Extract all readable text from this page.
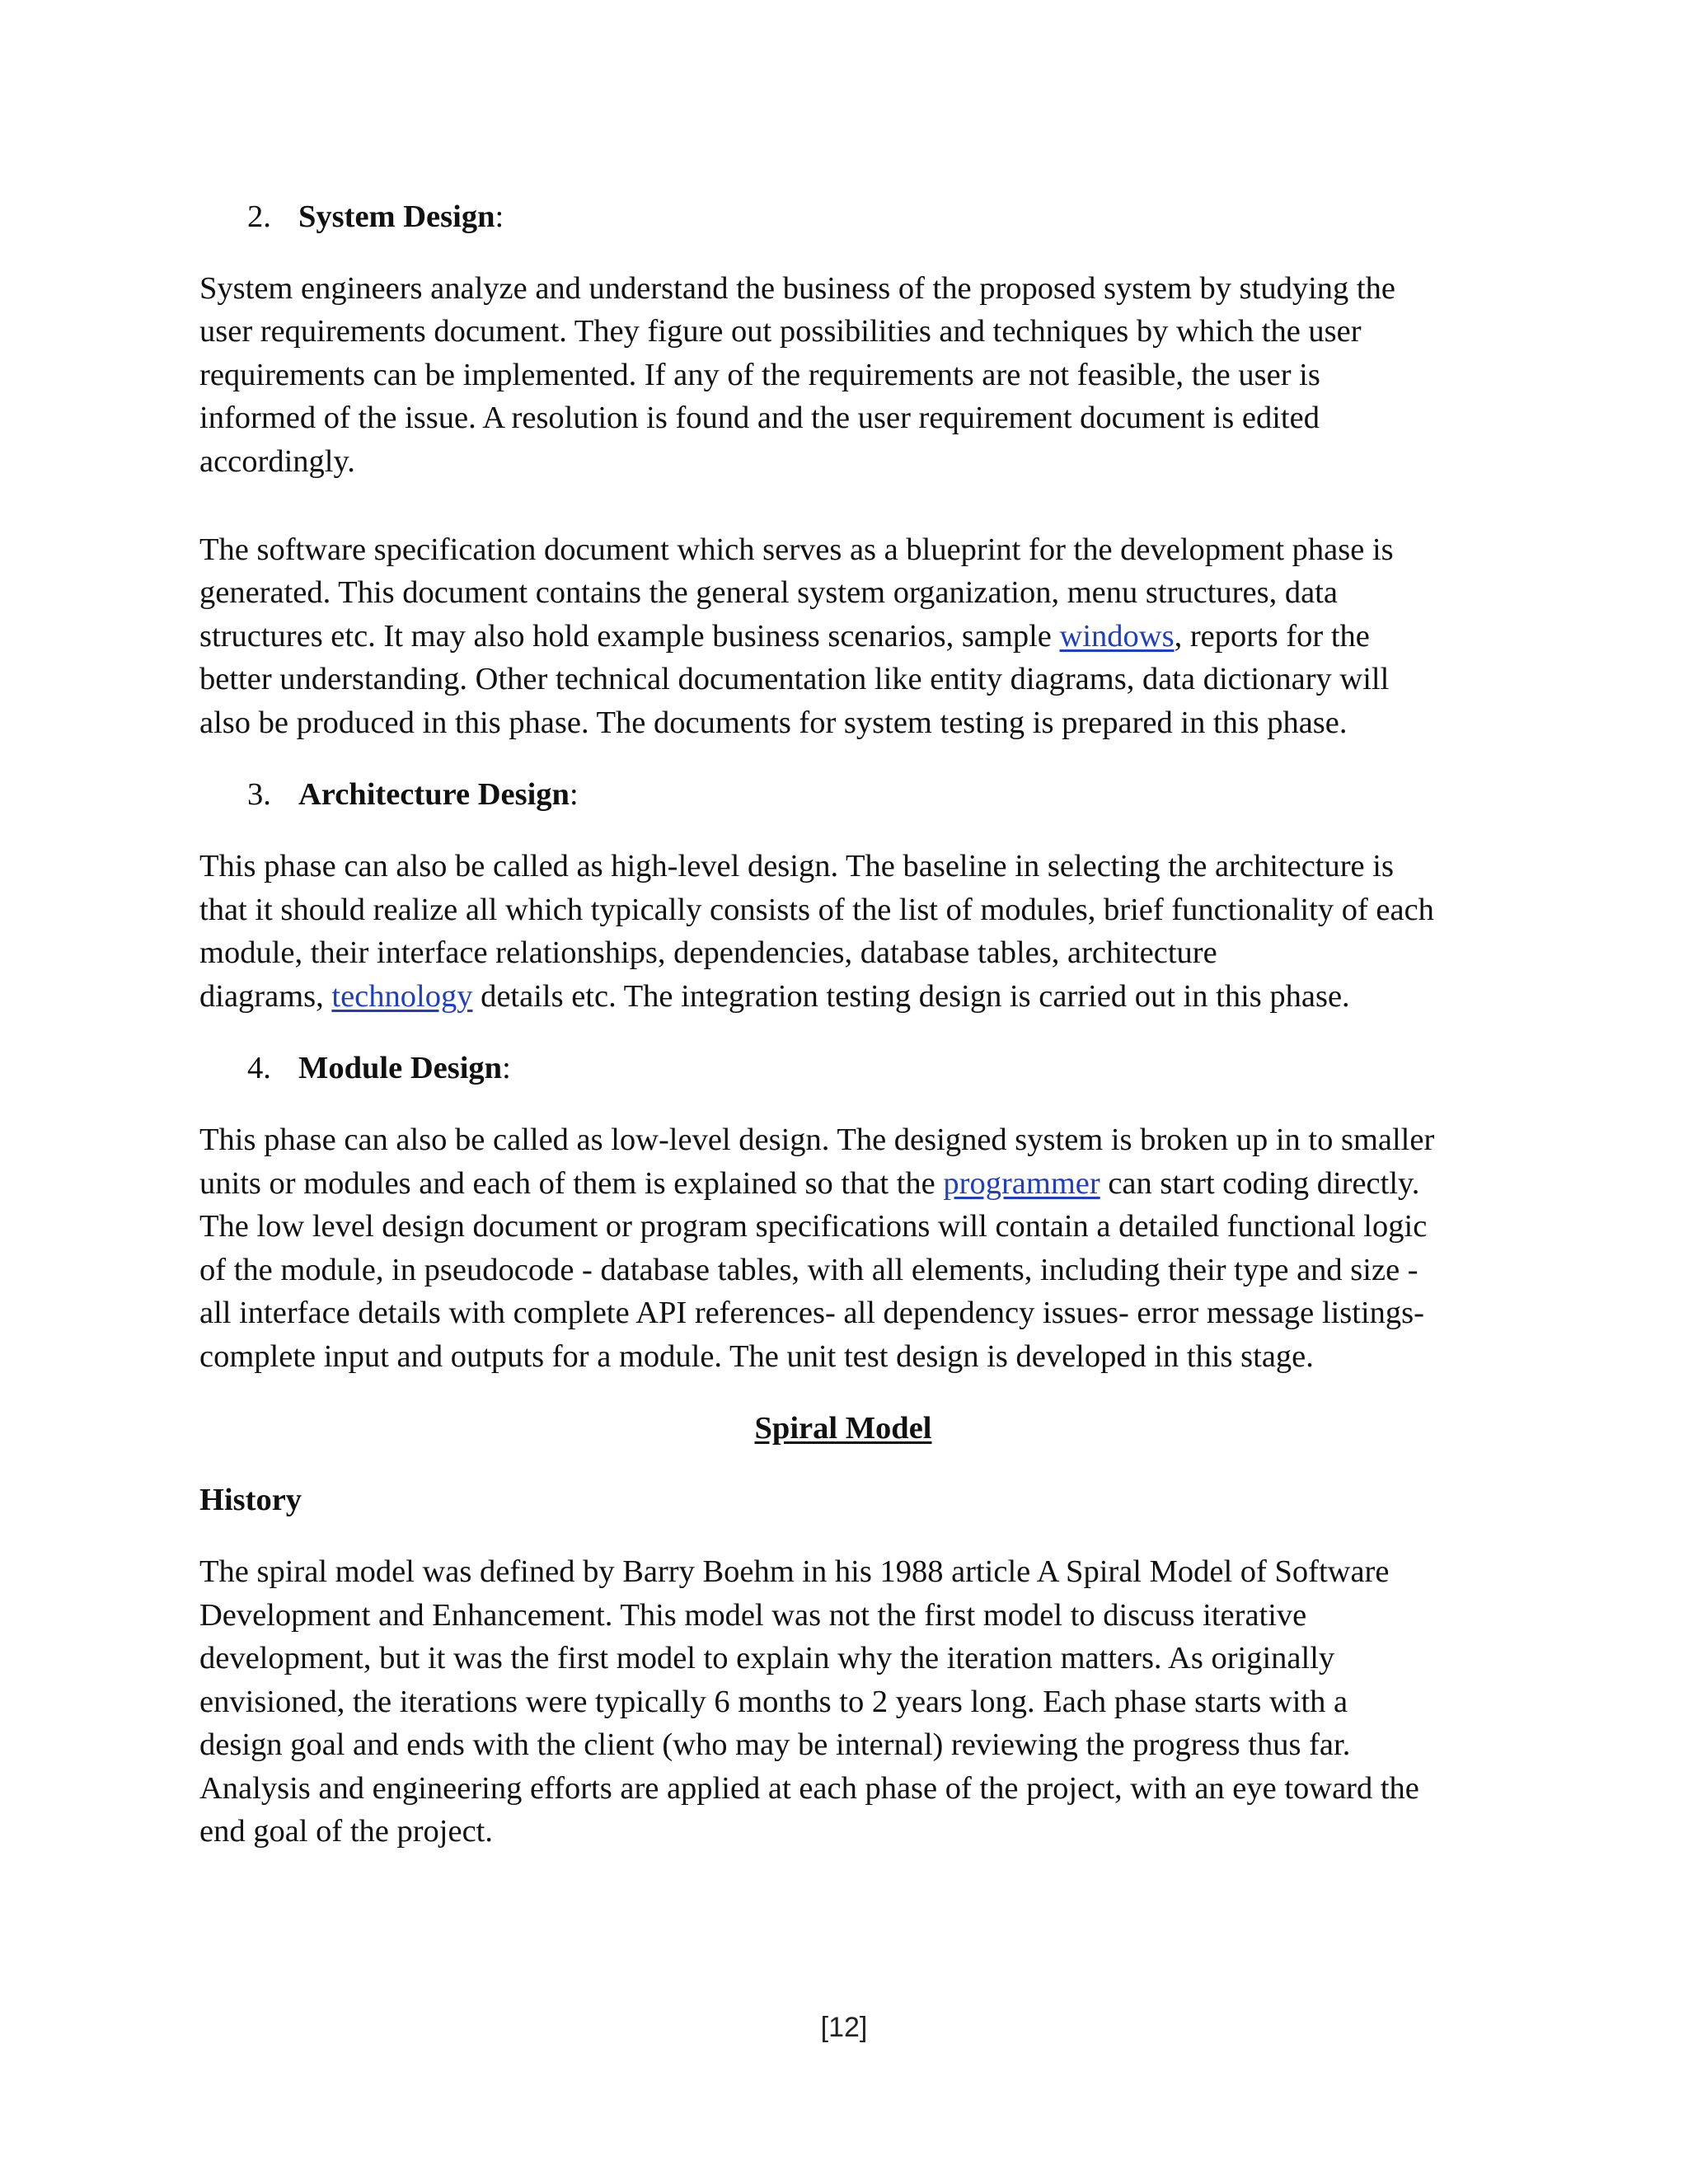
2. System Design:
System engineers analyze and understand the business of the proposed system by studying the
user requirements document. They figure out possibilities and techniques by which the user
requirements can be implemented. If any of the requirements are not feasible, the user is
informed of the issue. A resolution is found and the user requirement document is edited
accordingly.
The software specification document which serves as a blueprint for the development phase is
generated. This document contains the general system organization, menu structures, data
structures etc. It may also hold example business scenarios, sample windows, reports for the
better understanding. Other technical documentation like entity diagrams, data dictionary will
also be produced in this phase. The documents for system testing is prepared in this phase.
3. Architecture Design:
This phase can also be called as high-level design. The baseline in selecting the architecture is
that it should realize all which typically consists of the list of modules, brief functionality of each
module, their interface relationships, dependencies, database tables, architecture
diagrams, technology details etc. The integration testing design is carried out in this phase.
4. Module Design:
This phase can also be called as low-level design. The designed system is broken up in to smaller
units or modules and each of them is explained so that the programmer can start coding directly.
The low level design document or program specifications will contain a detailed functional logic
of the module, in pseudocode - database tables, with all elements, including their type and size -
all interface details with complete API references- all dependency issues- error message listings-
complete input and outputs for a module. The unit test design is developed in this stage.
Spiral Model
History
The spiral model was defined by Barry Boehm in his 1988 article A Spiral Model of Software
Development and Enhancement. This model was not the first model to discuss iterative
development, but it was the first model to explain why the iteration matters. As originally
envisioned, the iterations were typically 6 months to 2 years long. Each phase starts with a
design goal and ends with the client (who may be internal) reviewing the progress thus far.
Analysis and engineering efforts are applied at each phase of the project, with an eye toward the
end goal of the project.
[12]
